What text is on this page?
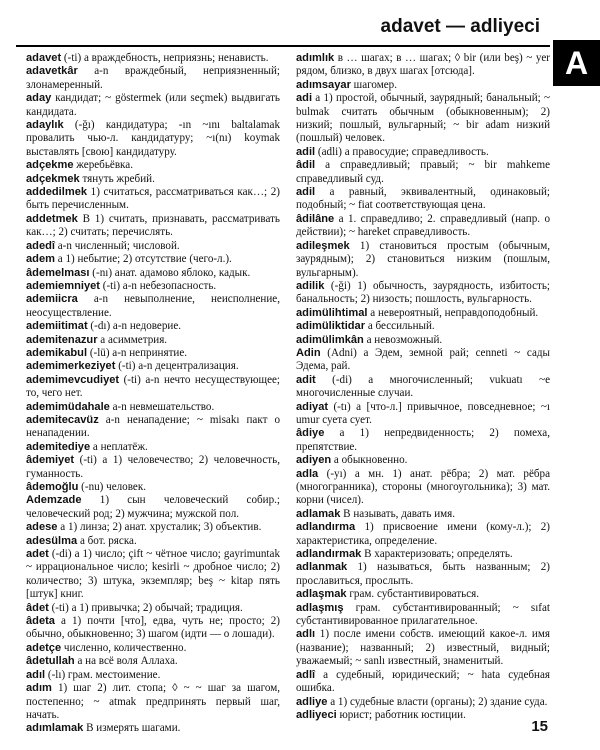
adavet — adliyeci
A

adavet (-ti) a враждебность, неприязнь; ненависть.

adavetkâr a-n враждебный, неприязненный; злонамеренный.

aday кандидат; ~ göstermek (или seçmek) выдвигать кандидата.

adaylık (-ğı) кандидатура; -ın ~ını baltalamak провалить чью-л. кандидатуру; ~ı(nı) koymak выставлять [свою] кандидатуру.

adçekme жеребьёвка.

adçekmek тянуть жребий.

addedilmek 1) считаться, рассматриваться как…; 2) быть перечисленным.

addetmek B 1) считать, признавать, рассматривать как…; 2) считать; перечислять.

adedî a-n численный; числовой.

adem a 1) небытие; 2) отсутствие (чего-л.).

âdemelması (-nı) анат. адамово яблоко, кадык.

ademiemniyet (-ti) a-n небезопасность.

ademiicra a-n невыполнение, неисполнение, неосуществление.

ademiitimat (-dı) a-n недоверие.

ademitenazur a асимметрия.

ademikabul (-lü) a-n непринятие.

ademimerkeziyet (-ti) a-n децентрализация.

ademimevcudiyet (-ti) a-n нечто несуществующее; то, чего нет.

ademimüdahale a-n невмешательство.

ademitecavüz a-n ненападение; ~ misakı пакт о ненападении.

ademitediye a неплатёж.

âdemiyet (-ti) a 1) человечество; 2) человечность, гуманность.

âdemoğlu (-nu) человек.

Ademzade 1) сын человеческий собир.; человеческий род; 2) мужчина; мужской пол.

adese a 1) линза; 2) анат. хрусталик; 3) объектив.

adesülma a бот. ряска.

adet (-di) a 1) число; çift ~ чётное число; gayrimuntak ~ иррациональное число; kesirli ~ дробное число; 2) количество; 3) штука, экземпляр; beş ~ kitap пять [штук] книг.

âdet (-ti) a 1) привычка; 2) обычай; традиция.

âdeta a 1) почти [что], едва, чуть не; просто; 2) обычно, обыкновенно; 3) шагом (идти — о лошади).

adetçe численно, количественно.

âdetullah a на всё воля Аллаха.

adıl (-lı) грам. местоимение.

adım 1) шаг 2) лит. стопа; ◊ ~ ~ шаг за шагом, постепенно; ~ atmak предпринять первый шаг, начать.

adımlamak B измерять шагами.

adımlık в … шагах; в … шагах; ◊ bir (или beş) ~ yer рядом, близко, в двух шагах [отсюда].

adımsayar шагомер.

adi a 1) простой, обычный, заурядный; банальный; ~ bulmak считать обычным (обыкновенным); 2) низкий; пошлый, вульгарный; ~ bir adam низкий (пошлый) человек.

adil (adli) a правосудие; справедливость.

âdil a справедливый; правый; ~ bir mahkeme справедливый суд.

adil a равный, эквивалентный, одинаковый; подобный; ~ fiat соответствующая цена.

âdilâne a 1. справедливо; 2. справедливый (напр. о действии); ~ hareket справедливость.

adileşmek 1) становиться простым (обычным, заурядным); 2) становиться низким (пошлым, вульгарным).

adilik (-ği) 1) обычность, заурядность, избитость; банальность; 2) низость; пошлость, вульгарность.

adimülihtimal a невероятный, неправдоподобный.

adimüliktidar a бессильный.

adimülimkân a невозможный.

Adin (Adni) a Эдем, земной рай; cenneti ~ сады Эдема, рай.

adit (-di) a многочисленный; vukuatı ~e многочисленные случаи.

adiyat (-tı) a [что-л.] привычное, повседневное; ~ı umur суета сует.

âdiye a 1) непредвиденность; 2) помеха, препятствие.

adiyen a обыкновенно.

adla (-yı) a мн. 1) анат. рёбра; 2) мат. рёбра (многогранника), стороны (многоугольника); 3) мат. корни (чисел).

adlamak B называть, давать имя.

adlandırma 1) присвоение имени (кому-л.); 2) характеристика, определение.

adlandırmak B характеризовать; определять.

adlanmak 1) называться, быть названным; 2) прославиться, прослыть.

adlaşmak грам. субстантивироваться.

adlaşmış грам. субстантивированный; ~ sıfat субстантивированное прилагательное.

adlı 1) после имени собств. имеющий какое-л. имя (название); названный; 2) известный, видный; уважаемый; ~ sanlı известный, знаменитый.

adlî a судебный, юридический; ~ hata судебная ошибка.

adliye a 1) судебные власти (органы); 2) здание суда.

adliyeci юрист; работник юстиции.

15
